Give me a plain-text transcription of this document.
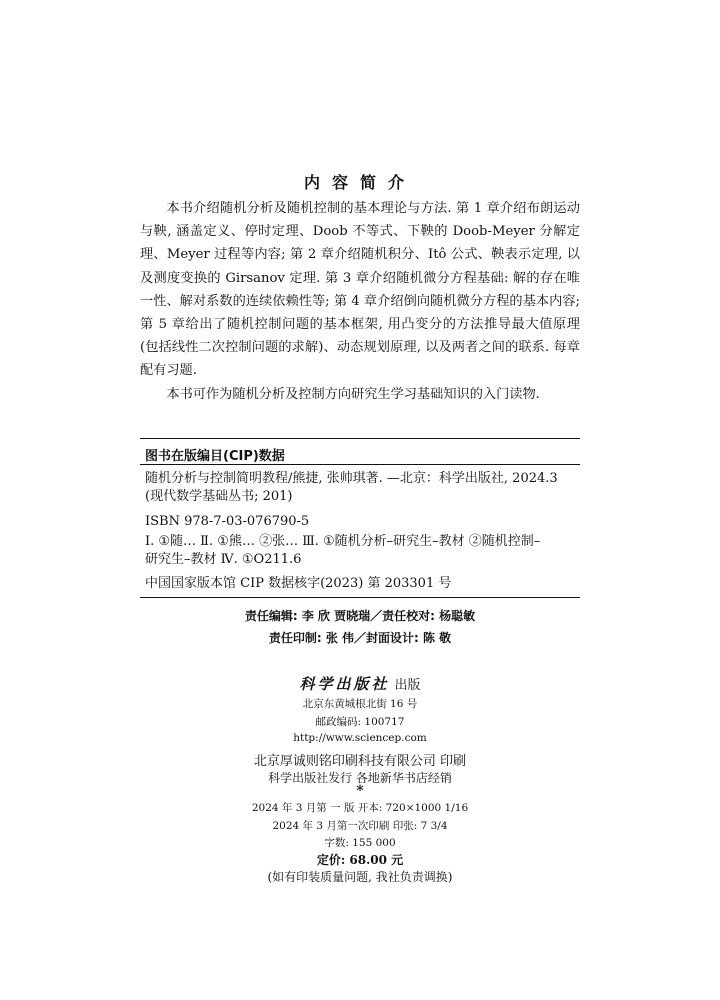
内容简介

本书介绍随机分析及随机控制的基本理论与方法. 第 1 章介绍布朗运动与鞅, 涵盖定义、停时定理、Doob 不等式、下鞅的 Doob-Meyer 分解定理、Meyer 过程等内容; 第 2 章介绍随机积分、Itô 公式、鞅表示定理, 以及测度变换的 Girsanov 定理. 第 3 章介绍随机微分方程基础: 解的存在唯一性、解对系数的连续依赖性等; 第 4 章介绍倒向随机微分方程的基本内容; 第 5 章给出了随机控制问题的基本框架, 用凸变分的方法推导最大值原理 (包括线性二次控制问题的求解)、动态规划原理, 以及两者之间的联系. 每章配有习题.

本书可作为随机分析及控制方向研究生学习基础知识的入门读物.

图书在版编目(CIP)数据
随机分析与控制简明教程/熊捷, 张帅琪著. —北京：科学出版社, 2024.3
(现代数学基础丛书; 201)
ISBN 978-7-03-076790-5
Ⅰ. ①随… Ⅱ. ①熊… ②张… Ⅲ. ①随机分析–研究生–教材 ②随机控制–
研究生–教材 Ⅳ. ①O211.6
中国国家版本馆 CIP 数据核字(2023) 第 203301 号
责任编辑: 李 欣 贾晓瑞／责任校对: 杨聪敏
责任印制: 张 伟／封面设计: 陈 敬
科学出版社 出版
北京东黄城根北街 16 号
邮政编码: 100717
http://www.sciencep.com
北京厚诚则铭印刷科技有限公司 印刷
科学出版社发行 各地新华书店经销
*
2024 年 3 月第 一 版 开本: 720×1000 1/16
2024 年 3 月第一次印刷 印张: 7 3/4
字数: 155 000
定价: 68.00 元
(如有印装质量问题, 我社负责调换)
